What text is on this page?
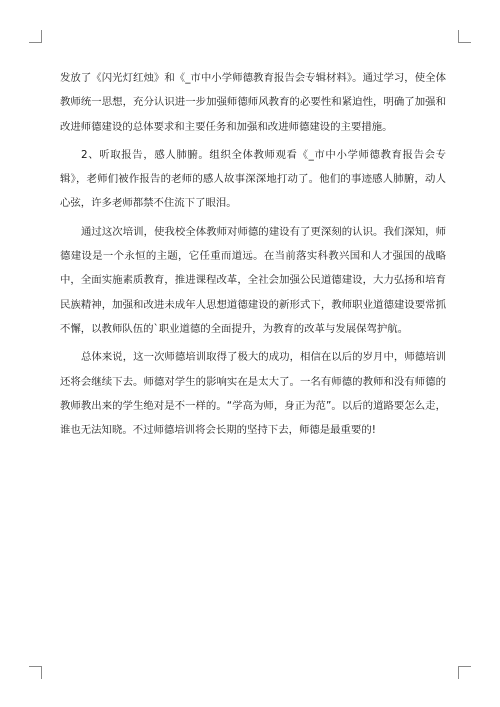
发放了《闪光灯红烛》和《_市中小学师德教育报告会专辑材料》。通过学习，使全体教师统一思想，充分认识进一步加强师德师风教育的必要性和紧迫性，明确了加强和改进师德建设的总体要求和主要任务和加强和改进师德建设的主要措施。

2、听取报告，感人肺腑。组织全体教师观看《_市中小学师德教育报告会专辑》，老师们被作报告的老师的感人故事深深地打动了。他们的事迹感人肺腑，动人心弦，许多老师都禁不住流下了眼泪。

通过这次培训，使我校全体教师对师德的建设有了更深刻的认识。我们深知，师德建设是一个永恒的主题，它任重而道远。在当前落实科教兴国和人才强国的战略中，全面实施素质教育，推进课程改革，全社会加强公民道德建设，大力弘扬和培育民族精神，加强和改进未成年人思想道德建设的新形式下，教师职业道德建设要常抓不懈，以教师队伍的`职业道德的全面提升，为教育的改革与发展保驾护航。

总体来说，这一次师德培训取得了极大的成功，相信在以后的岁月中，师德培训还将会继续下去。师德对学生的影响实在是太大了。一名有师德的教师和没有师德的教师教出来的学生绝对是不一样的。“学高为师，身正为范”。以后的道路要怎么走，谁也无法知晓。不过师德培训将会长期的坚持下去，师德是最重要的!
